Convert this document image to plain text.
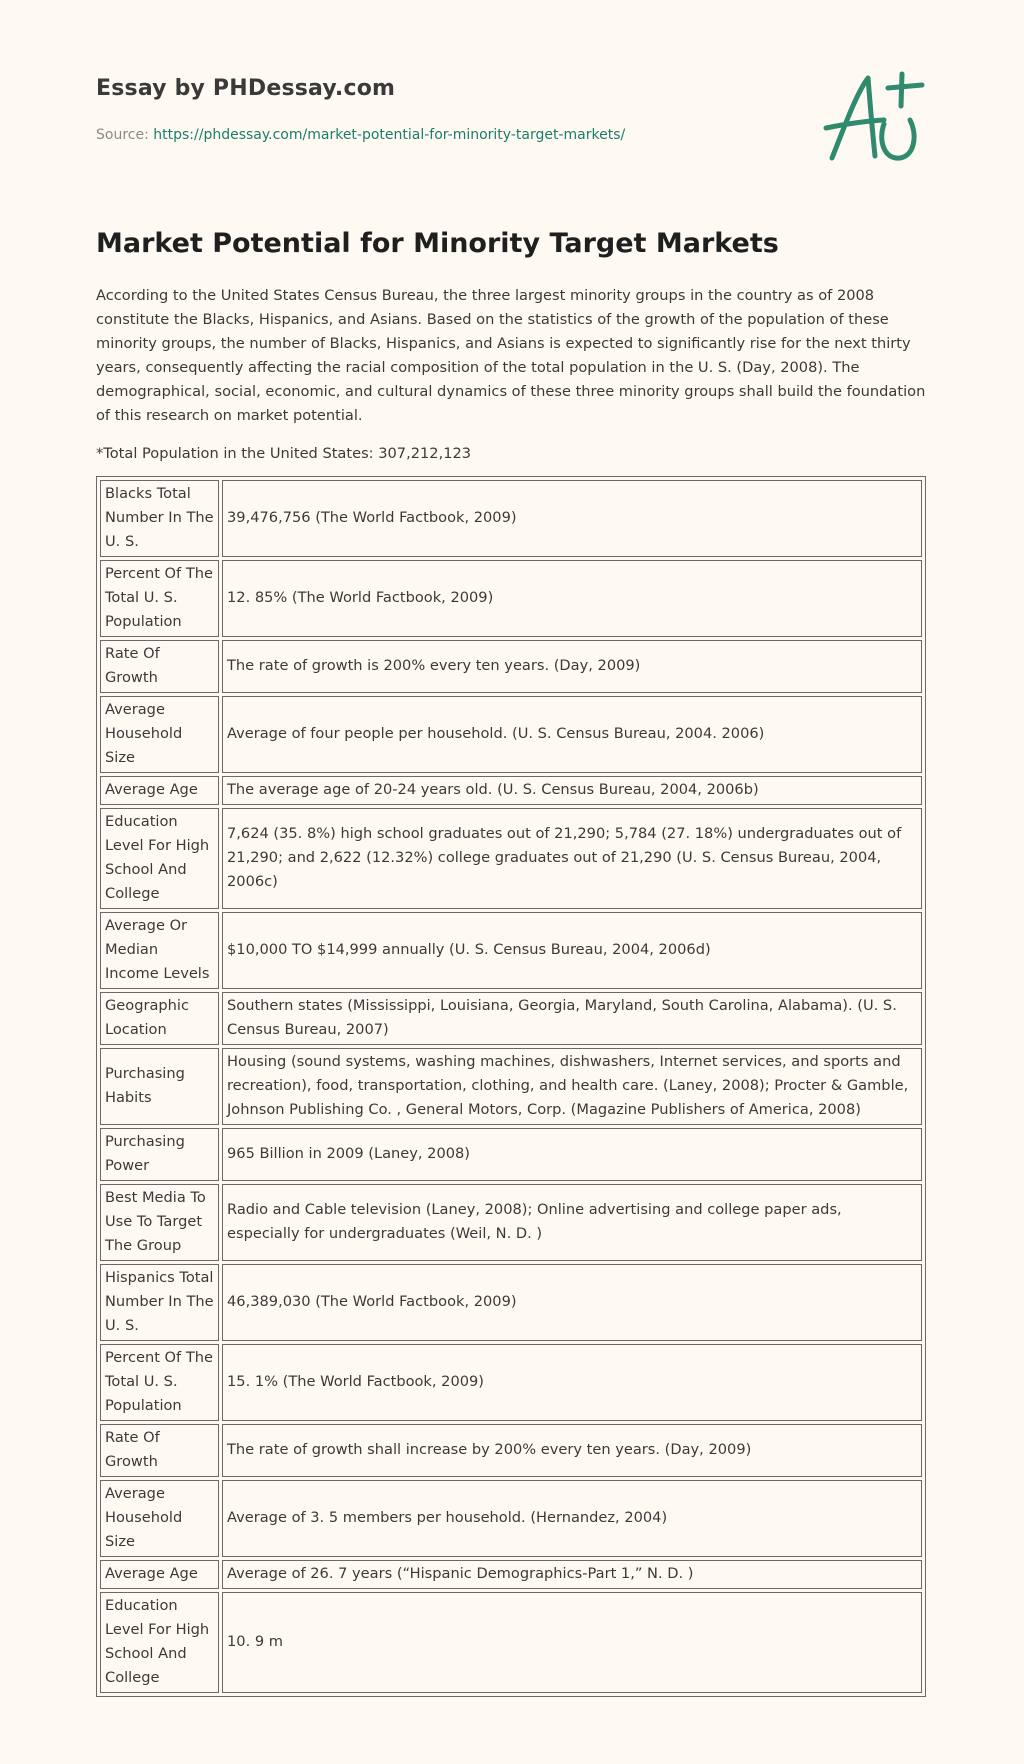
Essay by PHDessay.com
Source: https://phdessay.com/market-potential-for-minority-target-markets/
Market Potential for Minority Target Markets

According to the United States Census Bureau, the three largest minority groups in the country as of 2008 constitute the Blacks, Hispanics, and Asians. Based on the statistics of the growth of the population of these minority groups, the number of Blacks, Hispanics, and Asians is expected to significantly rise for the next thirty years, consequently affecting the racial composition of the total population in the U. S. (Day, 2008). The demographical, social, economic, and cultural dynamics of these three minority groups shall build the foundation of this research on market potential.

*Total Population in the United States: 307,212,123

Blacks Total Number In The U. S.	39,476,756 (The World Factbook, 2009)
Percent Of The Total U. S. Population	12. 85% (The World Factbook, 2009)
Rate Of Growth	The rate of growth is 200% every ten years. (Day, 2009)
Average Household Size	Average of four people per household. (U. S. Census Bureau, 2004. 2006)
Average Age	The average age of 20-24 years old. (U. S. Census Bureau, 2004, 2006b)
Education Level For High School And College	7,624 (35. 8%) high school graduates out of 21,290; 5,784 (27. 18%) undergraduates out of 21,290; and 2,622 (12.32%) college graduates out of 21,290 (U. S. Census Bureau, 2004, 2006c)
Average Or Median Income Levels	$10,000 TO $14,999 annually (U. S. Census Bureau, 2004, 2006d)
Geographic Location	Southern states (Mississippi, Louisiana, Georgia, Maryland, South Carolina, Alabama). (U. S. Census Bureau, 2007)
Purchasing Habits	Housing (sound systems, washing machines, dishwashers, Internet services, and sports and recreation), food, transportation, clothing, and health care. (Laney, 2008); Procter & Gamble, Johnson Publishing Co. , General Motors, Corp. (Magazine Publishers of America, 2008)
Purchasing Power	965 Billion in 2009 (Laney, 2008)
Best Media To Use To Target The Group	Radio and Cable television (Laney, 2008); Online advertising and college paper ads, especially for undergraduates (Weil, N. D. )
Hispanics Total Number In The U. S.	46,389,030 (The World Factbook, 2009)
Percent Of The Total U. S. Population	15. 1% (The World Factbook, 2009)
Rate Of Growth	The rate of growth shall increase by 200% every ten years. (Day, 2009)
Average Household Size	Average of 3. 5 members per household. (Hernandez, 2004)
Average Age	Average of 26. 7 years (“Hispanic Demographics-Part 1,” N. D. )
Education Level For High School And College	10. 9 m
